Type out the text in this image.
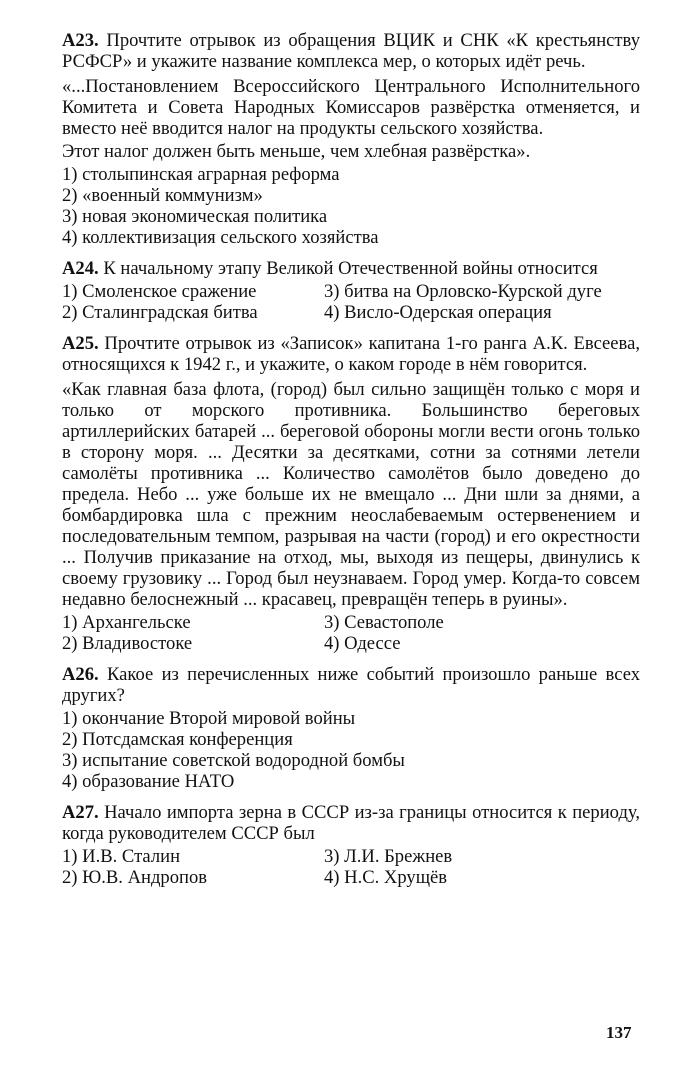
A23. Прочтите отрывок из обращения ВЦИК и СНК «К крестьянству РСФСР» и укажите название комплекса мер, о которых идёт речь.

«...Постановлением Всероссийского Центрального Исполнительного Комитета и Совета Народных Комиссаров развёрстка отменяется, и вместо неё вводится налог на продукты сельского хозяйства.

Этот налог должен быть меньше, чем хлебная развёрстка».

1) столыпинская аграрная реформа
2) «военный коммунизм»
3) новая экономическая политика
4) коллективизация сельского хозяйства
A24. К начальному этапу Великой Отечественной войны относится
1) Смоленское сражение	3) битва на Орловско-Курской дуге
2) Сталинградская битва	4) Висло-Одерская операция
A25. Прочтите отрывок из «Записок» капитана 1-го ранга А.К. Евсеева, относящихся к 1942 г., и укажите, о каком городе в нём говорится.

«Как главная база флота, (город) был сильно защищён только с моря и только от морского противника. Большинство береговых артиллерийских батарей ... береговой обороны могли вести огонь только в сторону моря. ... Десятки за десятками, сотни за сотнями летели самолёты противника ... Количество самолётов было доведено до предела. Небо ... уже больше их не вмещало ... Дни шли за днями, а бомбардировка шла с прежним неослабеваемым остервенением и последовательным темпом, разрывая на части (город) и его окрестности ... Получив приказание на отход, мы, выходя из пещеры, двинулись к своему грузовику ... Город был неузнаваем. Город умер. Когда-то совсем недавно белоснежный ... красавец, превращён теперь в руины».

1) Архангельске	3) Севастополе
2) Владивостоке	4) Одессе
A26. Какое из перечисленных ниже событий произошло раньше всех других?
1) окончание Второй мировой войны
2) Потсдамская конференция
3) испытание советской водородной бомбы
4) образование НАТО
A27. Начало импорта зерна в СССР из-за границы относится к периоду, когда руководителем СССР был
1) И.В. Сталин	3) Л.И. Брежнев
2) Ю.В. Андропов	4) Н.С. Хрущёв
137
